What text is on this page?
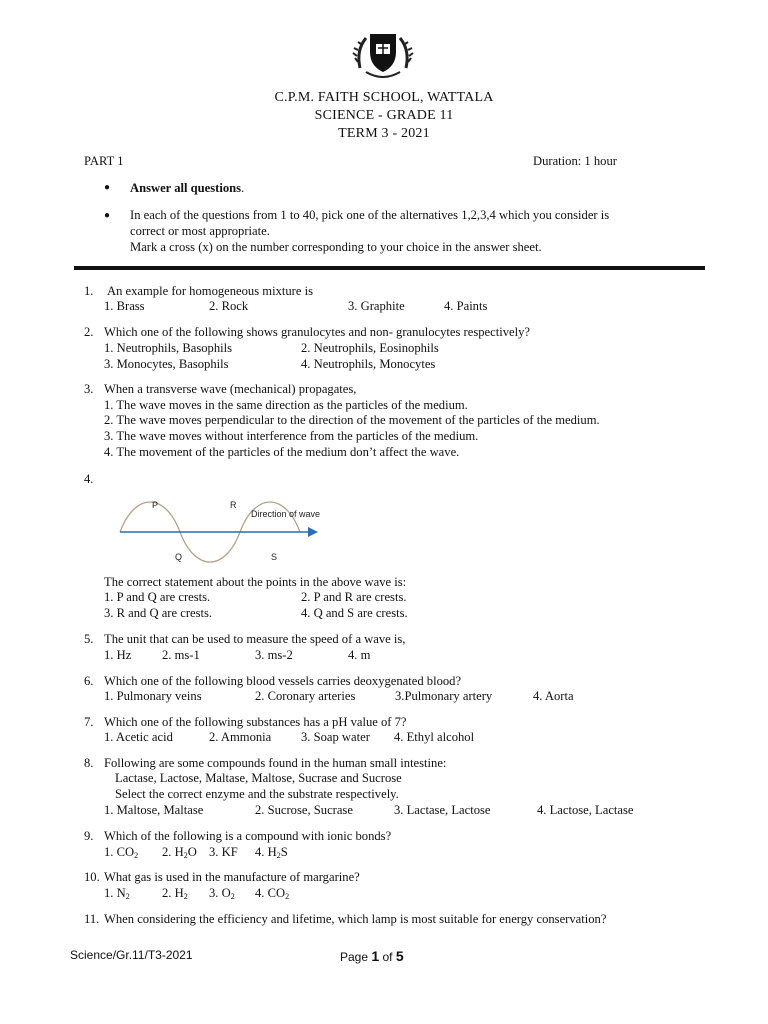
C.P.M. FAITH SCHOOL, WATTALA
SCIENCE - GRADE 11
TERM 3 - 2021
PART 1	Duration: 1 hour
● Answer all questions.
● In each of the questions from 1 to 40, pick one of the alternatives 1,2,3,4 which you consider is
correct or most appropriate.
Mark a cross (x) on the number corresponding to your choice in the answer sheet.
1. An example for homogeneous mixture is
1. Brass	2. Rock	3. Graphite	4. Paints
2. Which one of the following shows granulocytes and non- granulocytes respectively?
1. Neutrophils, Basophils	2. Neutrophils, Eosinophils
3. Monocytes, Basophils	4. Neutrophils, Monocytes
3. When a transverse wave (mechanical) propagates,
1. The wave moves in the same direction as the particles of the medium.
2. The wave moves perpendicular to the direction of the movement of the particles of the medium.
3. The wave moves without interference from the particles of the medium.
4. The movement of the particles of the medium don’t affect the wave.
4.
P	R
Q	S
Direction of wave
The correct statement about the points in the above wave is:
1. P and Q are crests.	2. P and R are crests.
3. R and Q are crests.	4. Q and S are crests.
5. The unit that can be used to measure the speed of a wave is,
1. Hz 2. ms-1	3. ms-2	4. m
6. Which one of the following blood vessels carries deoxygenated blood?
1. Pulmonary veins	2. Coronary arteries	3.Pulmonary artery	4. Aorta
7. Which one of the following substances has a pH value of 7?
1. Acetic acid	2. Ammonia 3. Soap water 4. Ethyl alcohol
8. Following are some compounds found in the human small intestine:
Lactase, Lactose, Maltase, Maltose, Sucrase and Sucrose
Select the correct enzyme and the substrate respectively.
1. Maltose, Maltase	2. Sucrose, Sucrase	3. Lactase, Lactose	4. Lactose, Lactase
9. Which of the following is a compound with ionic bonds?
1. $CO_2$ 2. $H_2O$ 3. KF 4. $H_2S$
10. What gas is used in the manufacture of margarine?
1. $N_2$	2. $H_2$ 3. $O_2$ 4. $CO_2$
11. When considering the efficiency and lifetime, which lamp is most suitable for energy conservation?
Science/Gr.11/T3-2021	Page 1 of 5
